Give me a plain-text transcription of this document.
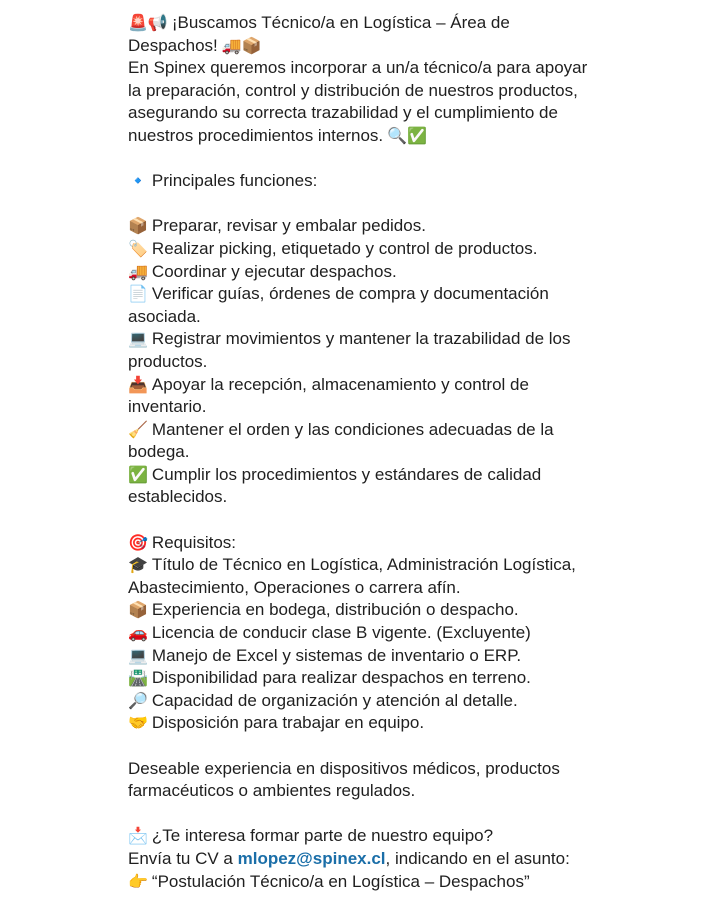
🚨📢 ¡Buscamos Técnico/a en Logística – Área de Despachos! 🚚📦
En Spinex queremos incorporar a un/a técnico/a para apoyar la preparación, control y distribución de nuestros productos, asegurando su correcta trazabilidad y el cumplimiento de nuestros procedimientos internos. 🔍✅
🔹 Principales funciones:
📦 Preparar, revisar y embalar pedidos.
🏷️ Realizar picking, etiquetado y control de productos.
🚚 Coordinar y ejecutar despachos.
📄 Verificar guías, órdenes de compra y documentación asociada.
💻 Registrar movimientos y mantener la trazabilidad de los productos.
📥 Apoyar la recepción, almacenamiento y control de inventario.
🧹 Mantener el orden y las condiciones adecuadas de la bodega.
✅ Cumplir los procedimientos y estándares de calidad establecidos.
🎯 Requisitos:
🎓 Título de Técnico en Logística, Administración Logística, Abastecimiento, Operaciones o carrera afín.
📦 Experiencia en bodega, distribución o despacho.
🚗 Licencia de conducir clase B vigente. (Excluyente)
💻 Manejo de Excel y sistemas de inventario o ERP.
🛣️ Disponibilidad para realizar despachos en terreno.
🔎 Capacidad de organización y atención al detalle.
🤝 Disposición para trabajar en equipo.
Deseable experiencia en dispositivos médicos, productos farmacéuticos o ambientes regulados.
📩 ¿Te interesa formar parte de nuestro equipo?
Envía tu CV a mlopez@spinex.cl, indicando en el asunto:
👉 “Postulación Técnico/a en Logística – Despachos”
